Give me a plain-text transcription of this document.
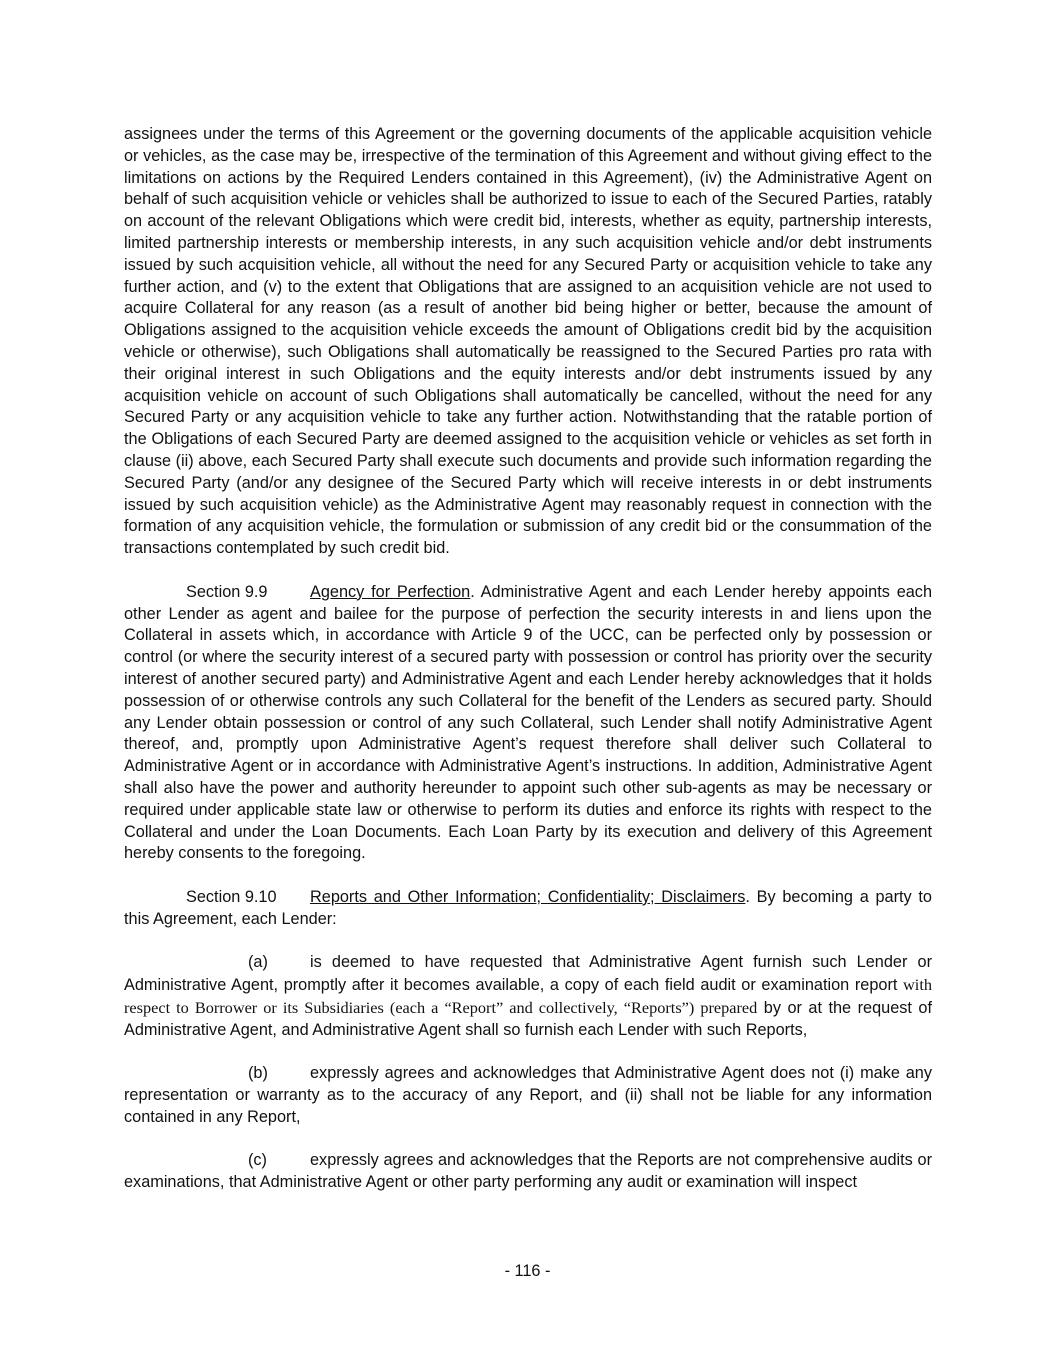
assignees under the terms of this Agreement or the governing documents of the applicable acquisition vehicle or vehicles, as the case may be, irrespective of the termination of this Agreement and without giving effect to the limitations on actions by the Required Lenders contained in this Agreement), (iv) the Administrative Agent on behalf of such acquisition vehicle or vehicles shall be authorized to issue to each of the Secured Parties, ratably on account of the relevant Obligations which were credit bid, interests, whether as equity, partnership interests, limited partnership interests or membership interests, in any such acquisition vehicle and/or debt instruments issued by such acquisition vehicle, all without the need for any Secured Party or acquisition vehicle to take any further action, and (v) to the extent that Obligations that are assigned to an acquisition vehicle are not used to acquire Collateral for any reason (as a result of another bid being higher or better, because the amount of Obligations assigned to the acquisition vehicle exceeds the amount of Obligations credit bid by the acquisition vehicle or otherwise), such Obligations shall automatically be reassigned to the Secured Parties pro rata with their original interest in such Obligations and the equity interests and/or debt instruments issued by any acquisition vehicle on account of such Obligations shall automatically be cancelled, without the need for any Secured Party or any acquisition vehicle to take any further action. Notwithstanding that the ratable portion of the Obligations of each Secured Party are deemed assigned to the acquisition vehicle or vehicles as set forth in clause (ii) above, each Secured Party shall execute such documents and provide such information regarding the Secured Party (and/or any designee of the Secured Party which will receive interests in or debt instruments issued by such acquisition vehicle) as the Administrative Agent may reasonably request in connection with the formation of any acquisition vehicle, the formulation or submission of any credit bid or the consummation of the transactions contemplated by such credit bid.

Section 9.9	Agency for Perfection. Administrative Agent and each Lender hereby appoints each other Lender as agent and bailee for the purpose of perfection the security interests in and liens upon the Collateral in assets which, in accordance with Article 9 of the UCC, can be perfected only by possession or control (or where the security interest of a secured party with possession or control has priority over the security interest of another secured party) and Administrative Agent and each Lender hereby acknowledges that it holds possession of or otherwise controls any such Collateral for the benefit of the Lenders as secured party. Should any Lender obtain possession or control of any such Collateral, such Lender shall notify Administrative Agent thereof, and, promptly upon Administrative Agent’s request therefore shall deliver such Collateral to Administrative Agent or in accordance with Administrative Agent’s instructions. In addition, Administrative Agent shall also have the power and authority hereunder to appoint such other sub-agents as may be necessary or required under applicable state law or otherwise to perform its duties and enforce its rights with respect to the Collateral and under the Loan Documents. Each Loan Party by its execution and delivery of this Agreement hereby consents to the foregoing.

Section 9.10 Reports and Other Information; Confidentiality; Disclaimers. By becoming a party to this Agreement, each Lender:

(a)	is deemed to have requested that Administrative Agent furnish such Lender or Administrative Agent, promptly after it becomes available, a copy of each field audit or examination report with respect to Borrower or its Subsidiaries (each a “Report” and collectively, “Reports”) prepared by or at the request of Administrative Agent, and Administrative Agent shall so furnish each Lender with such Reports,

(b)	expressly agrees and acknowledges that Administrative Agent does not (i) make any representation or warranty as to the accuracy of any Report, and (ii) shall not be liable for any information contained in any Report,

(c)	expressly agrees and acknowledges that the Reports are not comprehensive audits or examinations, that Administrative Agent or other party performing any audit or examination will inspect

- 116 -
